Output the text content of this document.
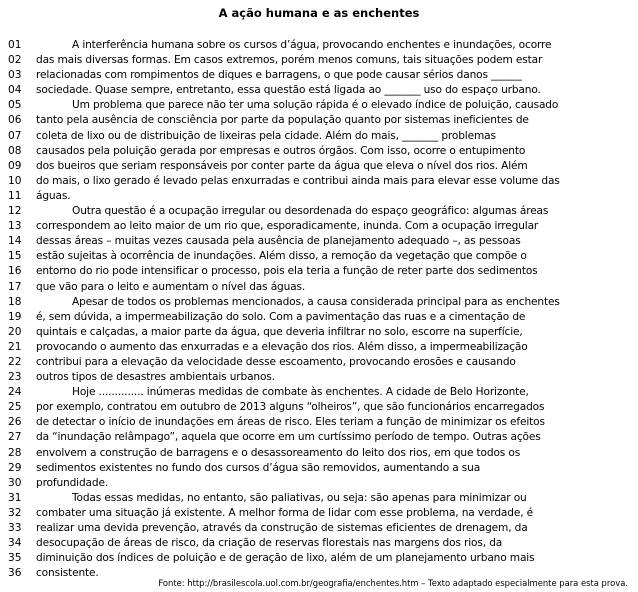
A ação humana e as enchentes
01	A interferência humana sobre os cursos d’água, provocando enchentes e inundações, ocorre
02	das mais diversas formas. Em casos extremos, porém menos comuns, tais situações podem estar
03	relacionadas com rompimentos de diques e barragens, o que pode causar sérios danos ______
04	sociedade. Quase sempre, entretanto, essa questão está ligada ao _______ uso do espaço urbano.
05	Um problema que parece não ter uma solução rápida é o elevado índice de poluição, causado
06	tanto pela ausência de consciência por parte da população quanto por sistemas ineficientes de
07	coleta de lixo ou de distribuição de lixeiras pela cidade. Além do mais, _______ problemas
08	causados pela poluição gerada por empresas e outros órgãos. Com isso, ocorre o entupimento
09	dos bueiros que seriam responsáveis por conter parte da água que eleva o nível dos rios. Além
10	do mais, o lixo gerado é levado pelas enxurradas e contribui ainda mais para elevar esse volume das
11	águas.
12	Outra questão é a ocupação irregular ou desordenada do espaço geográfico: algumas áreas
13	correspondem ao leito maior de um rio que, esporadicamente, inunda. Com a ocupação irregular
14	dessas áreas – muitas vezes causada pela ausência de planejamento adequado –, as pessoas
15	estão sujeitas à ocorrência de inundações. Além disso, a remoção da vegetação que compõe o
16	entorno do rio pode intensificar o processo, pois ela teria a função de reter parte dos sedimentos
17	que vão para o leito e aumentam o nível das águas.
18	Apesar de todos os problemas mencionados, a causa considerada principal para as enchentes
19	é, sem dúvida, a impermeabilização do solo. Com a pavimentação das ruas e a cimentação de
20	quintais e calçadas, a maior parte da água, que deveria infiltrar no solo, escorre na superfície,
21	provocando o aumento das enxurradas e a elevação dos rios. Além disso, a impermeabilização
22	contribui para a elevação da velocidade desse escoamento, provocando erosões e causando
23	outros tipos de desastres ambientais urbanos.
24	Hoje .............. inúmeras medidas de combate às enchentes. A cidade de Belo Horizonte,
25	por exemplo, contratou em outubro de 2013 alguns “olheiros”, que são funcionários encarregados
26	de detectar o início de inundações em áreas de risco. Eles teriam a função de minimizar os efeitos
27	da “inundação relâmpago”, aquela que ocorre em um curtíssimo período de tempo. Outras ações
28	envolvem a construção de barragens e o desassoreamento do leito dos rios, em que todos os
29	sedimentos existentes no fundo dos cursos d’água são removidos, aumentando a sua
30	profundidade.
31	Todas essas medidas, no entanto, são paliativas, ou seja: são apenas para minimizar ou
32	combater uma situação já existente. A melhor forma de lidar com esse problema, na verdade, é
33	realizar uma devida prevenção, através da construção de sistemas eficientes de drenagem, da
34	desocupação de áreas de risco, da criação de reservas florestais nas margens dos rios, da
35	diminuição dos índices de poluição e de geração de lixo, além de um planejamento urbano mais
36	consistente.
Fonte: http://brasilescola.uol.com.br/geografia/enchentes.htm – Texto adaptado especialmente para esta prova.
